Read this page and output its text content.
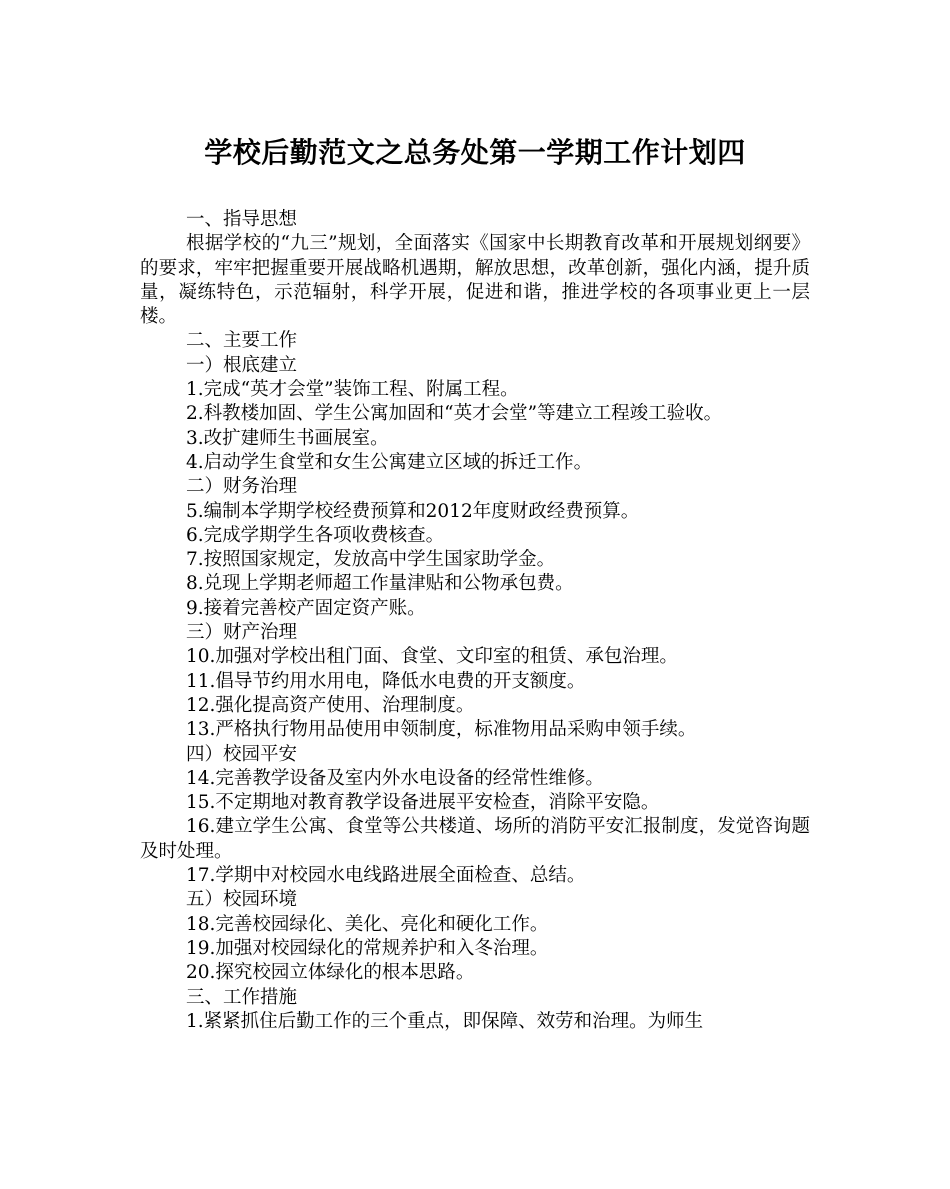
学校后勤范文之总务处第一学期工作计划四

一、指导思想

根据学校的“九三”规划，全面落实《国家中长期教育改革和开展规划纲要》的要求，牢牢把握重要开展战略机遇期，解放思想，改革创新，强化内涵，提升质量，凝练特色，示范辐射，科学开展，促进和谐，推进学校的各项事业更上一层楼。

二、主要工作

一）根底建立

1.完成“英才会堂”装饰工程、附属工程。

2.科教楼加固、学生公寓加固和“英才会堂”等建立工程竣工验收。

3.改扩建师生书画展室。

4.启动学生食堂和女生公寓建立区域的拆迁工作。

二）财务治理

5.编制本学期学校经费预算和2012年度财政经费预算。

6.完成学期学生各项收费核查。

7.按照国家规定，发放高中学生国家助学金。

8.兑现上学期老师超工作量津贴和公物承包费。

9.接着完善校产固定资产账。

三）财产治理

10.加强对学校出租门面、食堂、文印室的租赁、承包治理。

11.倡导节约用水用电，降低水电费的开支额度。

12.强化提高资产使用、治理制度。

13.严格执行物用品使用申领制度，标准物用品采购申领手续。

四）校园平安

14.完善教学设备及室内外水电设备的经常性维修。

15.不定期地对教育教学设备进展平安检查，消除平安隐。

16.建立学生公寓、食堂等公共楼道、场所的消防平安汇报制度，发觉咨询题及时处理。

17.学期中对校园水电线路进展全面检查、总结。

五）校园环境

18.完善校园绿化、美化、亮化和硬化工作。

19.加强对校园绿化的常规养护和入冬治理。

20.探究校园立体绿化的根本思路。

三、工作措施

1.紧紧抓住后勤工作的三个重点，即保障、效劳和治理。为师生
